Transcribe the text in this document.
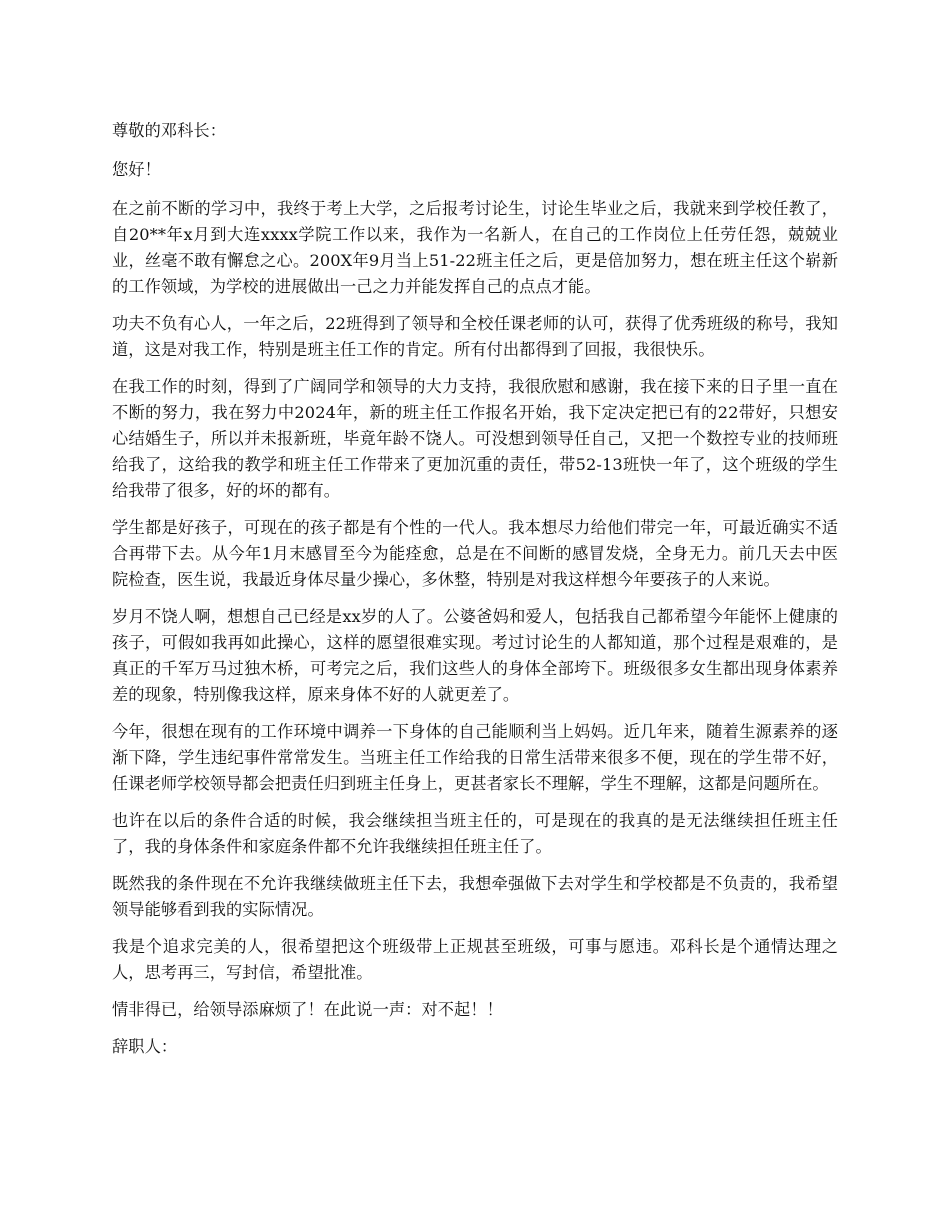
尊敬的邓科长：

您好！

在之前不断的学习中，我终于考上大学，之后报考讨论生，讨论生毕业之后，我就来到学校任教了，自20**年x月到大连xxxx学院工作以来，我作为一名新人，在自己的工作岗位上任劳任怨，兢兢业业，丝毫不敢有懈怠之心。200X年9月当上51-22班主任之后，更是倍加努力，想在班主任这个崭新的工作领域，为学校的进展做出一己之力并能发挥自己的点点才能。

功夫不负有心人，一年之后，22班得到了领导和全校任课老师的认可，获得了优秀班级的称号，我知道，这是对我工作，特别是班主任工作的肯定。所有付出都得到了回报，我很快乐。

在我工作的时刻，得到了广阔同学和领导的大力支持，我很欣慰和感谢，我在接下来的日子里一直在不断的努力，我在努力中2024年，新的班主任工作报名开始，我下定决定把已有的22带好，只想安心结婚生子，所以并未报新班，毕竟年龄不饶人。可没想到领导任自己，又把一个数控专业的技师班给我了，这给我的教学和班主任工作带来了更加沉重的责任，带52-13班快一年了，这个班级的学生给我带了很多，好的坏的都有。

学生都是好孩子，可现在的孩子都是有个性的一代人。我本想尽力给他们带完一年，可最近确实不适合再带下去。从今年1月末感冒至今为能痊愈，总是在不间断的感冒发烧，全身无力。前几天去中医院检查，医生说，我最近身体尽量少操心，多休整，特别是对我这样想今年要孩子的人来说。

岁月不饶人啊，想想自己已经是xx岁的人了。公婆爸妈和爱人，包括我自己都希望今年能怀上健康的孩子，可假如我再如此操心，这样的愿望很难实现。考过讨论生的人都知道，那个过程是艰难的，是真正的千军万马过独木桥，可考完之后，我们这些人的身体全部垮下。班级很多女生都出现身体素养差的现象，特别像我这样，原来身体不好的人就更差了。

今年，很想在现有的工作环境中调养一下身体的自己能顺利当上妈妈。近几年来，随着生源素养的逐渐下降，学生违纪事件常常发生。当班主任工作给我的日常生活带来很多不便，现在的学生带不好，任课老师学校领导都会把责任归到班主任身上，更甚者家长不理解，学生不理解，这都是问题所在。

也许在以后的条件合适的时候，我会继续担当班主任的，可是现在的我真的是无法继续担任班主任了，我的身体条件和家庭条件都不允许我继续担任班主任了。

既然我的条件现在不允许我继续做班主任下去，我想牵强做下去对学生和学校都是不负责的，我希望领导能够看到我的实际情况。

我是个追求完美的人，很希望把这个班级带上正规甚至班级，可事与愿违。邓科长是个通情达理之人，思考再三，写封信，希望批准。

情非得已，给领导添麻烦了！在此说一声：对不起！！

辞职人：
